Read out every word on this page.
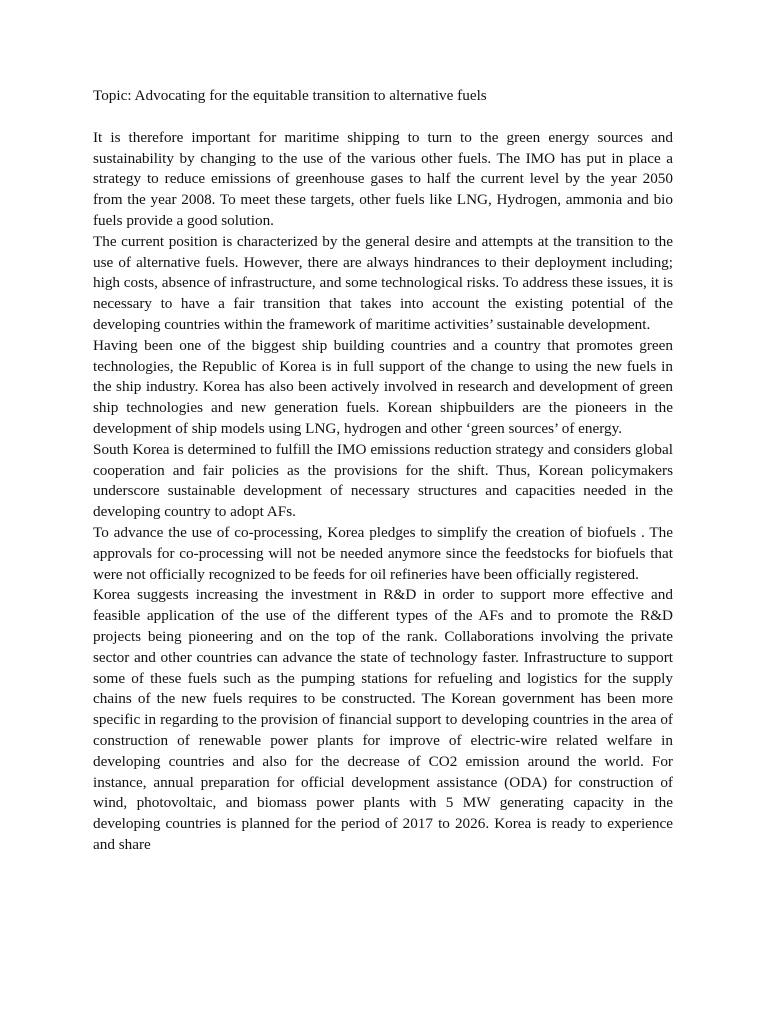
Topic: Advocating for the equitable transition to alternative fuels

It is therefore important for maritime shipping to turn to the green energy sources and sustainability by changing to the use of the various other fuels. The IMO has put in place a strategy to reduce emissions of greenhouse gases to half the current level by the year 2050 from the year 2008. To meet these targets, other fuels like LNG, Hydrogen, ammonia and bio fuels provide a good solution.

The current position is characterized by the general desire and attempts at the transition to the use of alternative fuels. However, there are always hindrances to their deployment including; high costs, absence of infrastructure, and some technological risks. To address these issues, it is necessary to have a fair transition that takes into account the existing potential of the developing countries within the framework of maritime activities’ sustainable development.

Having been one of the biggest ship building countries and a country that promotes green technologies, the Republic of Korea is in full support of the change to using the new fuels in the ship industry. Korea has also been actively involved in research and development of green ship technologies and new generation fuels. Korean shipbuilders are the pioneers in the development of ship models using LNG, hydrogen and other ‘green sources’ of energy.

South Korea is determined to fulfill the IMO emissions reduction strategy and considers global cooperation and fair policies as the provisions for the shift. Thus, Korean policymakers underscore sustainable development of necessary structures and capacities needed in the developing country to adopt AFs.

To advance the use of co-processing, Korea pledges to simplify the creation of biofuels . The approvals for co-processing will not be needed anymore since the feedstocks for biofuels that were not officially recognized to be feeds for oil refineries have been officially registered.

Korea suggests increasing the investment in R&D in order to support more effective and feasible application of the use of the different types of the AFs and to promote the R&D projects being pioneering and on the top of the rank. Collaborations involving the private sector and other countries can advance the state of technology faster. Infrastructure to support some of these fuels such as the pumping stations for refueling and logistics for the supply chains of the new fuels requires to be constructed. The Korean government has been more specific in regarding to the provision of financial support to developing countries in the area of construction of renewable power plants for improve of electric-wire related welfare in developing countries and also for the decrease of CO2 emission around the world. For instance, annual preparation for official development assistance (ODA) for construction of wind, photovoltaic, and biomass power plants with 5 MW generating capacity in the developing countries is planned for the period of 2017 to 2026. Korea is ready to experience and share
